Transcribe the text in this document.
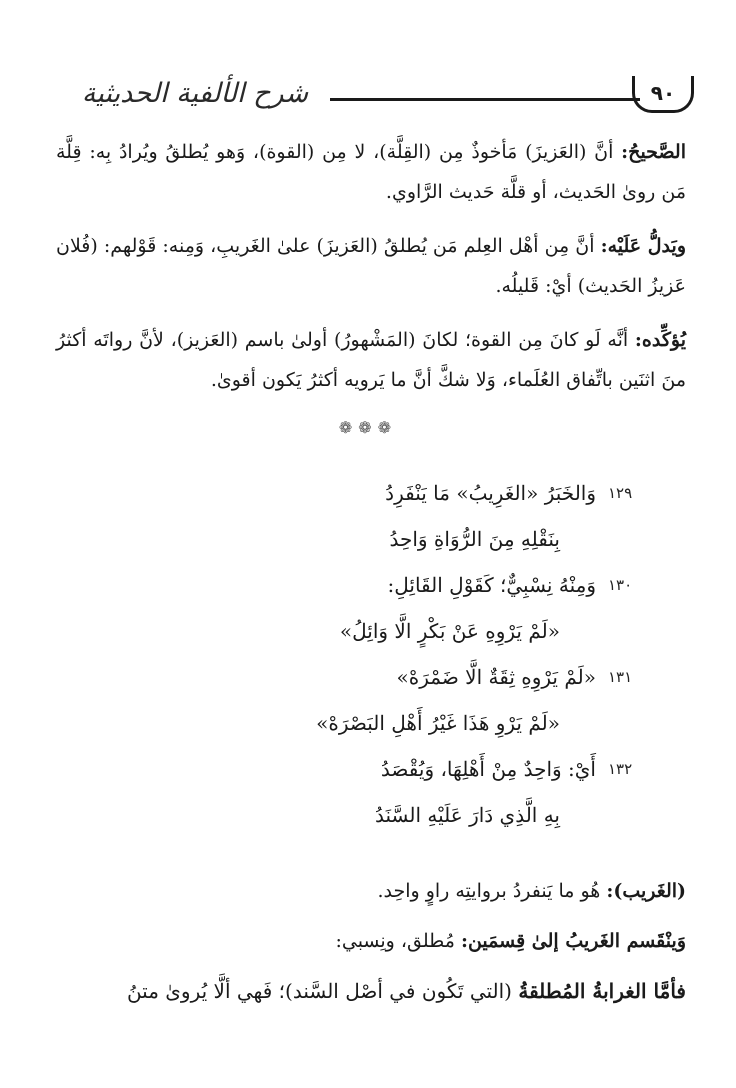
شرح الألفية الحديثية	٩٠

الصَّحيحُ: أنَّ (العَزيزَ) مَأخوذٌ مِن (القِلَّة)، لا مِن (القوة)، وَهو يُطلقُ ويُرادُ بِه: قِلَّة مَن روىٰ الحَديث، أو قلَّة حَديث الرَّاوي.

ويَدلُّ عَلَيْه: أنَّ مِن أهْل العِلم مَن يُطلقُ (العَزيزَ) علىٰ الغَريبِ، وَمِنه: قَوْلهم: (فُلان عَزيزُ الحَديث) أيْ: قَليلُه.

يُؤكِّده: أنَّه لَو كانَ مِن القوة؛ لكانَ (المَشْهورُ) أولىٰ باسم (العَزيز)، لأنَّ رواتَه أكثرُ منَ اثنَين باتِّفاق العُلَماء، وَلا شكَّ أنَّ ما يَرويه أكثرُ يَكون أقوىٰ.

❁❁❁
١٢٩
وَالخَبَرُ «الغَرِيبُ» مَا يَنْفَرِدُ
بِنَقْلِهِ مِنَ الرُّوَاةِ وَاحِدُ
١٣٠
وَمِنْهُ نِسْبِيٌّ؛ كَقَوْلِ القَائِلِ:
«لَمْ يَرْوِهِ عَنْ بَكْرٍ الَّا وَائِلُ»
١٣١
«لَمْ يَرْوِهِ ثِقَةٌ الَّا ضَمْرَهْ»
«لَمْ يَرْوِ هَذَا غَيْرُ أَهْلِ البَصْرَهْ»
١٣٢
أَيْ: وَاحِدٌ مِنْ أَهْلِهَا، وَيُقْصَدُ
بِهِ الَّذِي دَارَ عَلَيْهِ السَّنَدُ

(الغَريب): هُو ما يَنفردُ بروايتِه راوٍ واحِد.

وَينْقَسم الغَريبُ إلىٰ قِسمَين: مُطلق، ونِسبي:

فأمَّا الغرابةُ المُطلقةُ (التي تَكُون في أصْل السَّند)؛ فَهي ألَّا يُروىٰ متنُ
